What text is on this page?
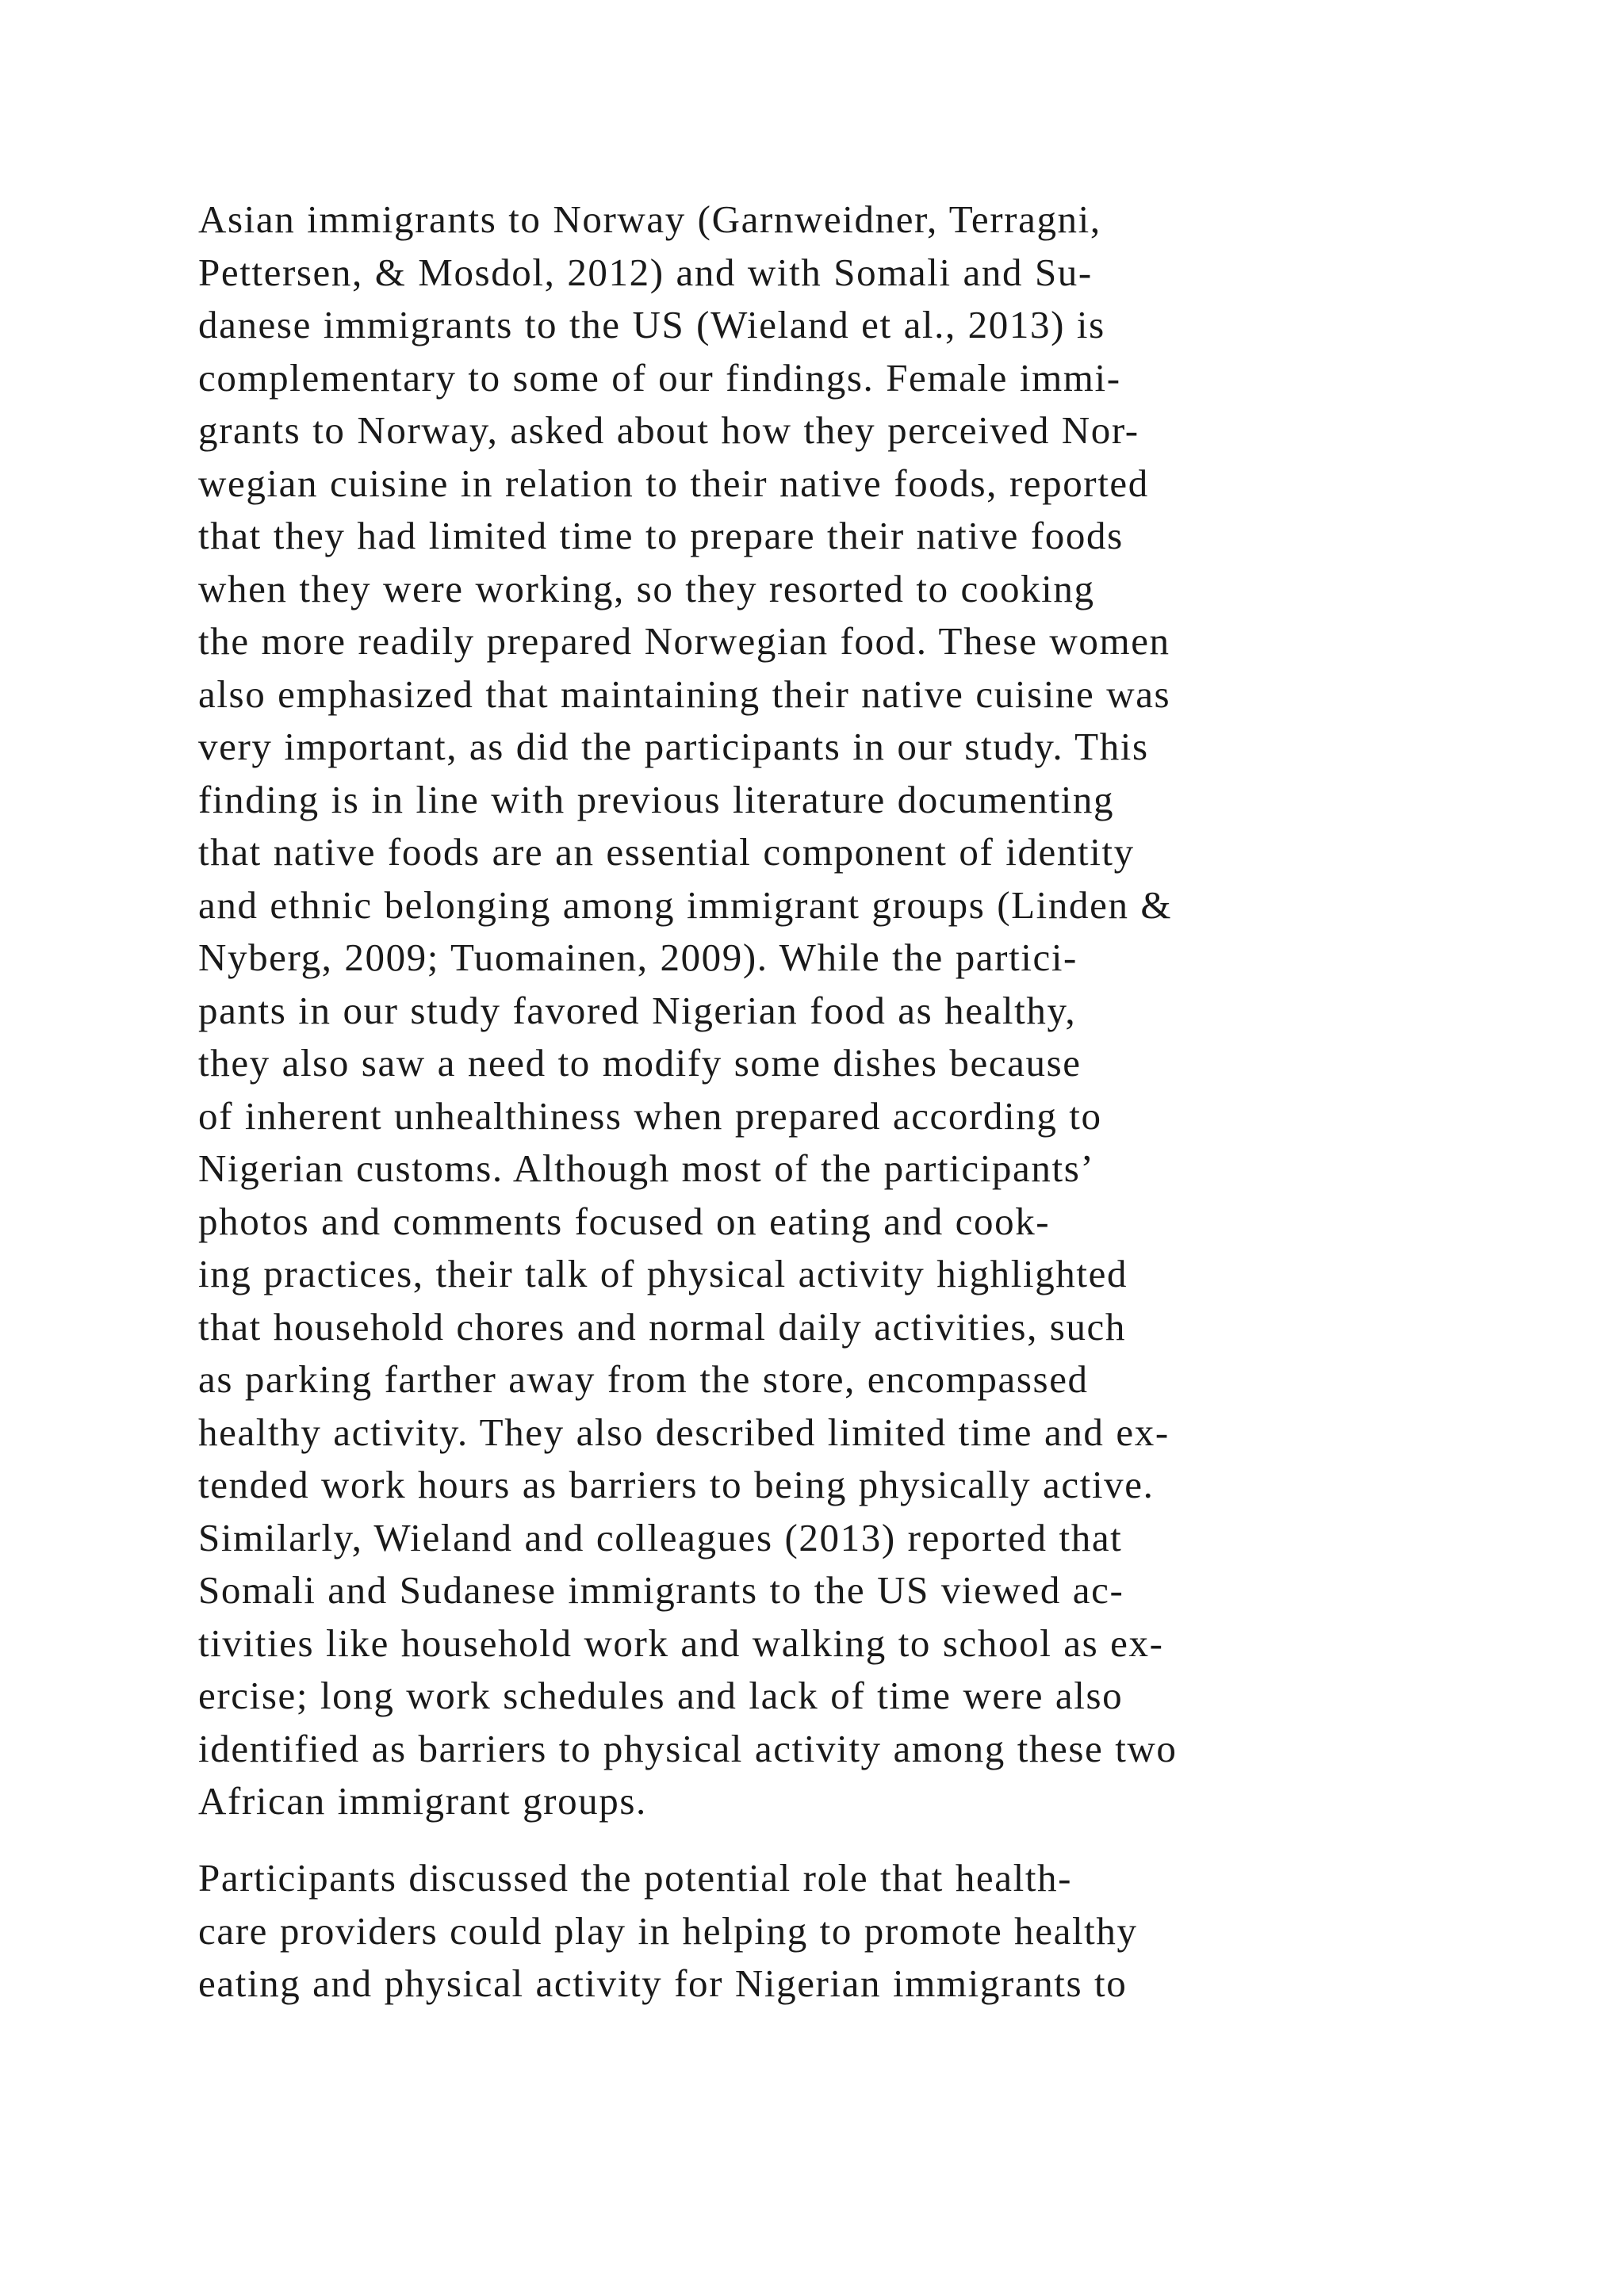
Asian immigrants to Norway (Garnweidner, Terragni,
Pettersen, & Mosdol, 2012) and with Somali and Su-
danese immigrants to the US (Wieland et al., 2013) is
complementary to some of our findings. Female immi-
grants to Norway, asked about how they perceived Nor-
wegian cuisine in relation to their native foods, reported
that they had limited time to prepare their native foods
when they were working, so they resorted to cooking
the more readily prepared Norwegian food. These women
also emphasized that maintaining their native cuisine was
very important, as did the participants in our study. This
finding is in line with previous literature documenting
that native foods are an essential component of identity
and ethnic belonging among immigrant groups (Linden &
Nyberg, 2009; Tuomainen, 2009). While the partici-
pants in our study favored Nigerian food as healthy,
they also saw a need to modify some dishes because
of inherent unhealthiness when prepared according to
Nigerian customs. Although most of the participants’
photos and comments focused on eating and cook-
ing practices, their talk of physical activity highlighted
that household chores and normal daily activities, such
as parking farther away from the store, encompassed
healthy activity. They also described limited time and ex-
tended work hours as barriers to being physically active.
Similarly, Wieland and colleagues (2013) reported that
Somali and Sudanese immigrants to the US viewed ac-
tivities like household work and walking to school as ex-
ercise; long work schedules and lack of time were also
identified as barriers to physical activity among these two
African immigrant groups.

Participants discussed the potential role that health-
care providers could play in helping to promote healthy
eating and physical activity for Nigerian immigrants to
